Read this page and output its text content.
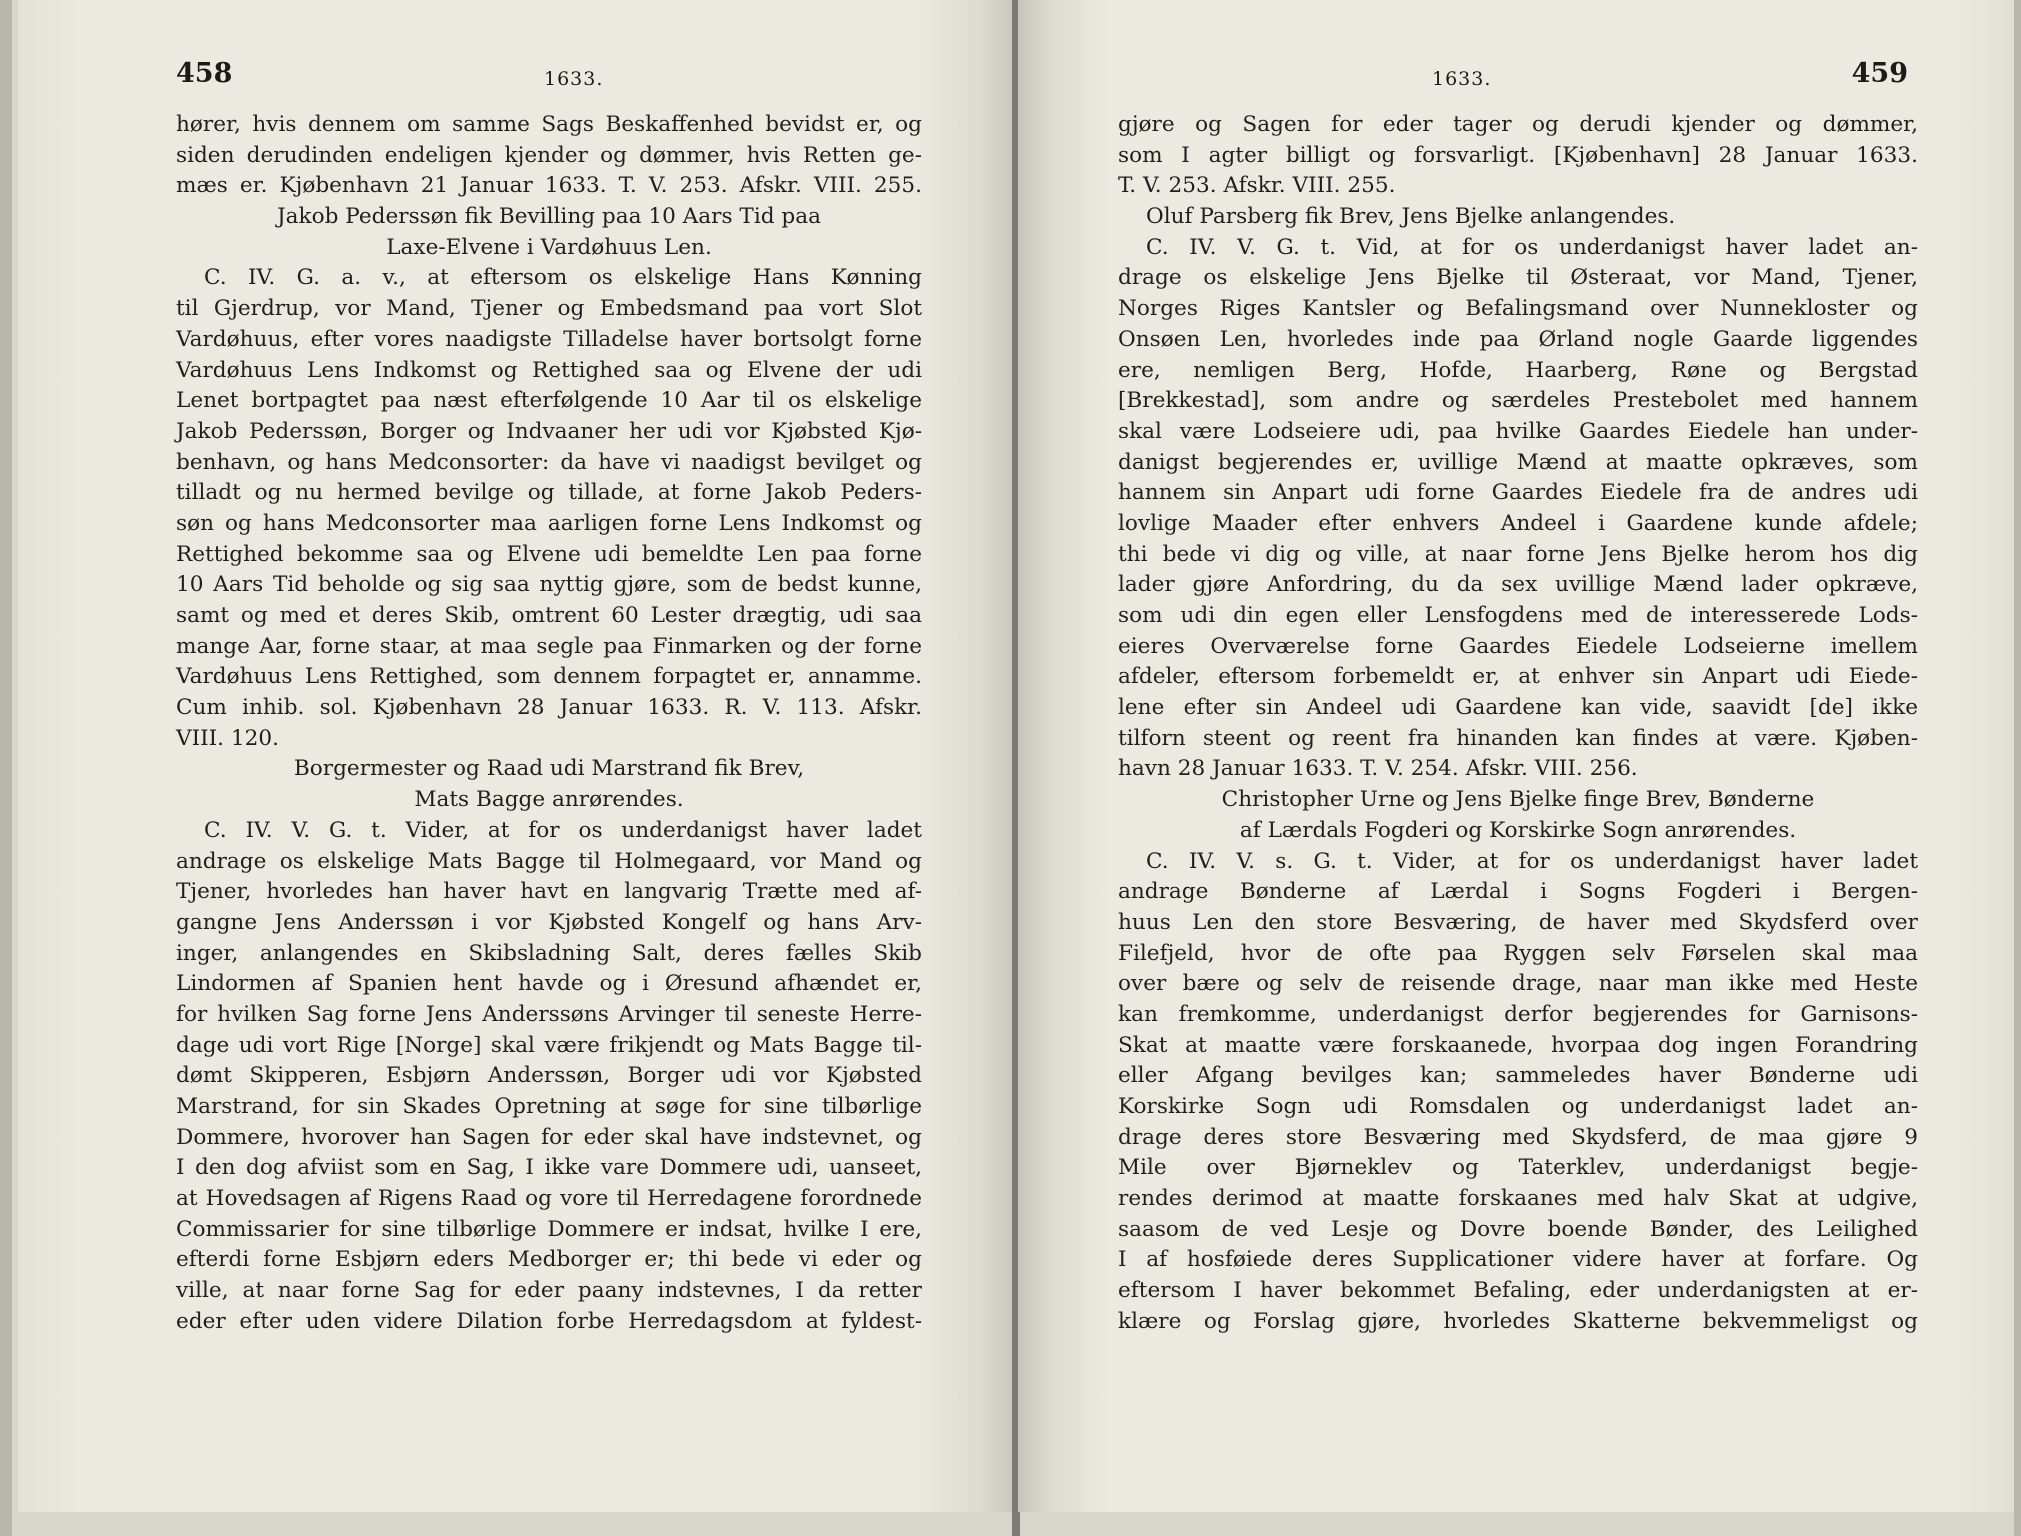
458	1633.
hører, hvis dennem om samme Sags Beskaffenhed bevidst er, og
siden derudinden endeligen kjender og dømmer, hvis Retten ge-
mæs er. Kjøbenhavn 21 Januar 1633. T. V. 253. Afskr. VIII. 255.
Jakob Pederssøn fik Bevilling paa 10 Aars Tid paa
Laxe-Elvene i Vardøhuus Len.
C. IV. G. a. v., at eftersom os elskelige Hans Kønning
til Gjerdrup, vor Mand, Tjener og Embedsmand paa vort Slot
Vardøhuus, efter vores naadigste Tilladelse haver bortsolgt forne
Vardøhuus Lens Indkomst og Rettighed saa og Elvene der udi
Lenet bortpagtet paa næst efterfølgende 10 Aar til os elskelige
Jakob Pederssøn, Borger og Indvaaner her udi vor Kjøbsted Kjø-
benhavn, og hans Medconsorter: da have vi naadigst bevilget og
tilladt og nu hermed bevilge og tillade, at forne Jakob Peders-
søn og hans Medconsorter maa aarligen forne Lens Indkomst og
Rettighed bekomme saa og Elvene udi bemeldte Len paa forne
10 Aars Tid beholde og sig saa nyttig gjøre, som de bedst kunne,
samt og med et deres Skib, omtrent 60 Lester drægtig, udi saa
mange Aar, forne staar, at maa segle paa Finmarken og der forne
Vardøhuus Lens Rettighed, som dennem forpagtet er, annamme.
Cum inhib. sol. Kjøbenhavn 28 Januar 1633. R. V. 113. Afskr.
VIII. 120.
Borgermester og Raad udi Marstrand fik Brev,
Mats Bagge anrørendes.
C. IV. V. G. t. Vider, at for os underdanigst haver ladet
andrage os elskelige Mats Bagge til Holmegaard, vor Mand og
Tjener, hvorledes han haver havt en langvarig Trætte med af-
gangne Jens Anderssøn i vor Kjøbsted Kongelf og hans Arv-
inger, anlangendes en Skibsladning Salt, deres fælles Skib
Lindormen af Spanien hent havde og i Øresund afhændet er,
for hvilken Sag forne Jens Anderssøns Arvinger til seneste Herre-
dage udi vort Rige [Norge] skal være frikjendt og Mats Bagge til-
dømt Skipperen, Esbjørn Anderssøn, Borger udi vor Kjøbsted
Marstrand, for sin Skades Opretning at søge for sine tilbørlige
Dommere, hvorover han Sagen for eder skal have indstevnet, og
I den dog afviist som en Sag, I ikke vare Dommere udi, uanseet,
at Hovedsagen af Rigens Raad og vore til Herredagene forordnede
Commissarier for sine tilbørlige Dommere er indsat, hvilke I ere,
efterdi forne Esbjørn eders Medborger er; thi bede vi eder og
ville, at naar forne Sag for eder paany indstevnes, I da retter
eder efter uden videre Dilation forbe Herredagsdom at fyldest-
1633.	459
gjøre og Sagen for eder tager og derudi kjender og dømmer,
som I agter billigt og forsvarligt. [Kjøbenhavn] 28 Januar 1633.
T. V. 253. Afskr. VIII. 255.
Oluf Parsberg fik Brev, Jens Bjelke anlangendes.
C. IV. V. G. t. Vid, at for os underdanigst haver ladet an-
drage os elskelige Jens Bjelke til Østeraat, vor Mand, Tjener,
Norges Riges Kantsler og Befalingsmand over Nunnekloster og
Onsøen Len, hvorledes inde paa Ørland nogle Gaarde liggendes
ere, nemligen Berg, Hofde, Haarberg, Røne og Bergstad
[Brekkestad], som andre og særdeles Prestebolet med hannem
skal være Lodseiere udi, paa hvilke Gaardes Eiedele han under-
danigst begjerendes er, uvillige Mænd at maatte opkræves, som
hannem sin Anpart udi forne Gaardes Eiedele fra de andres udi
lovlige Maader efter enhvers Andeel i Gaardene kunde afdele;
thi bede vi dig og ville, at naar forne Jens Bjelke herom hos dig
lader gjøre Anfordring, du da sex uvillige Mænd lader opkræve,
som udi din egen eller Lensfogdens med de interesserede Lods-
eieres Overværelse forne Gaardes Eiedele Lodseierne imellem
afdeler, eftersom forbemeldt er, at enhver sin Anpart udi Eiede-
lene efter sin Andeel udi Gaardene kan vide, saavidt [de] ikke
tilforn steent og reent fra hinanden kan findes at være. Kjøben-
havn 28 Januar 1633. T. V. 254. Afskr. VIII. 256.
Christopher Urne og Jens Bjelke finge Brev, Bønderne
af Lærdals Fogderi og Korskirke Sogn anrørendes.
C. IV. V. s. G. t. Vider, at for os underdanigst haver ladet
andrage Bønderne af Lærdal i Sogns Fogderi i Bergen-
huus Len den store Besværing, de haver med Skydsferd over
Filefjeld, hvor de ofte paa Ryggen selv Førselen skal maa
over bære og selv de reisende drage, naar man ikke med Heste
kan fremkomme, underdanigst derfor begjerendes for Garnisons-
Skat at maatte være forskaanede, hvorpaa dog ingen Forandring
eller Afgang bevilges kan; sammeledes haver Bønderne udi
Korskirke Sogn udi Romsdalen og underdanigst ladet an-
drage deres store Besværing med Skydsferd, de maa gjøre 9
Mile over Bjørneklev og Taterklev, underdanigst begje-
rendes derimod at maatte forskaanes med halv Skat at udgive,
saasom de ved Lesje og Dovre boende Bønder, des Leilighed
I af hosføiede deres Supplicationer videre haver at forfare. Og
eftersom I haver bekommet Befaling, eder underdanigsten at er-
klære og Forslag gjøre, hvorledes Skatterne bekvemmeligst og
